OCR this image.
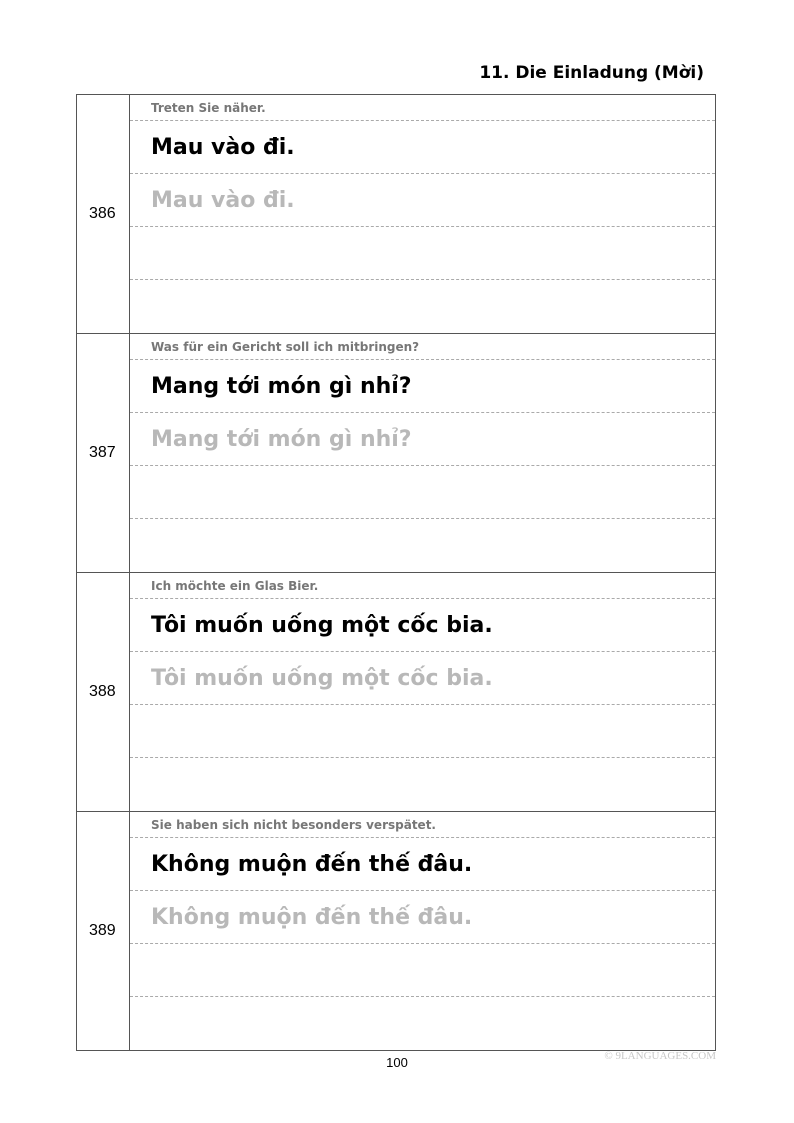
11. Die Einladung (Mời)
386
Treten Sie näher.
Mau vào đi.
Mau vào đi.
387
Was für ein Gericht soll ich mitbringen?
Mang tới món gì nhỉ?
Mang tới món gì nhỉ?
388
Ich möchte ein Glas Bier.
Tôi muốn uống một cốc bia.
Tôi muốn uống một cốc bia.
389
Sie haben sich nicht besonders verspätet.
Không muộn đến thế đâu.
Không muộn đến thế đâu.
100	© 9LANGUAGES.COM
